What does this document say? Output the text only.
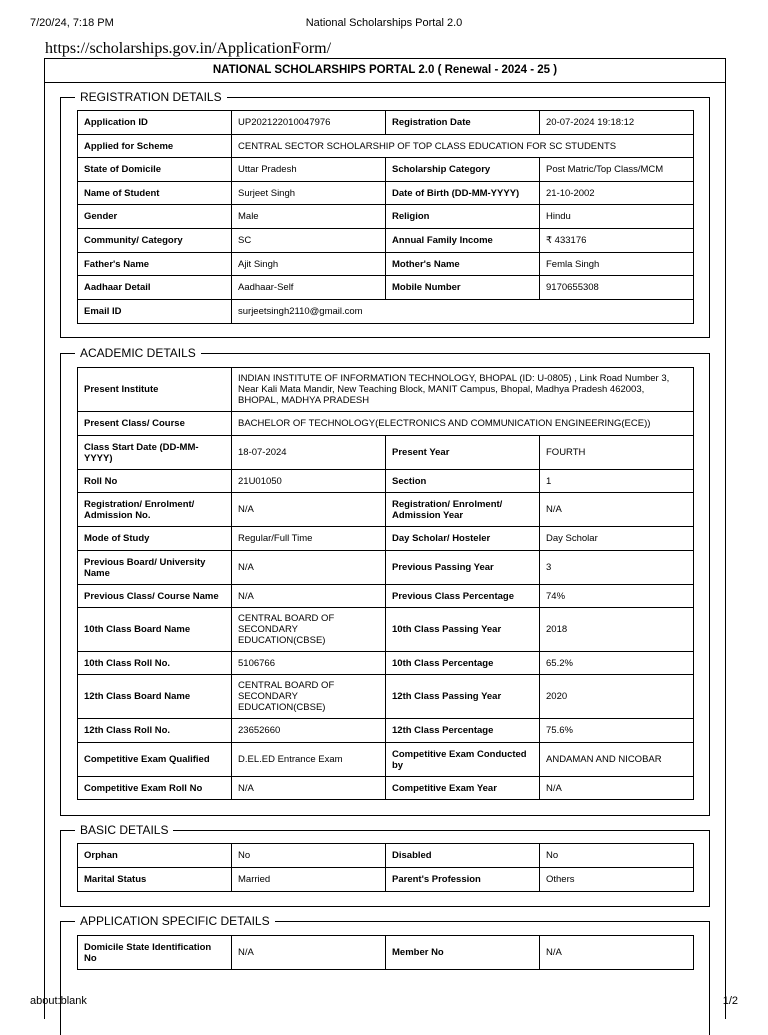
7/20/24, 7:18 PM	National Scholarships Portal 2.0
https://scholarships.gov.in/ApplicationForm/
NATIONAL SCHOLARSHIPS PORTAL 2.0 ( Renewal - 2024 - 25 )
REGISTRATION DETAILS
Application ID	UP202122010047976	Registration Date	20-07-2024 19:18:12
Applied for Scheme	CENTRAL SECTOR SCHOLARSHIP OF TOP CLASS EDUCATION FOR SC STUDENTS		
State of Domicile	Uttar Pradesh	Scholarship Category	Post Matric/Top Class/MCM
Name of Student	Surjeet Singh	Date of Birth (DD-MM-YYYY)	21-10-2002
Gender	Male	Religion	Hindu
Community/ Category	SC	Annual Family Income	₹ 433176
Father's Name	Ajit Singh	Mother's Name	Femla Singh
Aadhaar Detail	Aadhaar-Self	Mobile Number	9170655308
Email ID	surjeetsingh2110@gmail.com		
ACADEMIC DETAILS
Present Institute	INDIAN INSTITUTE OF INFORMATION TECHNOLOGY, BHOPAL (ID: U-0805) , Link Road Number 3, Near Kali Mata Mandir, New Teaching Block, MANIT Campus, Bhopal, Madhya Pradesh 462003, BHOPAL, MADHYA PRADESH		
Present Class/ Course	BACHELOR OF TECHNOLOGY(ELECTRONICS AND COMMUNICATION ENGINEERING(ECE))		
Class Start Date (DD-MM-YYYY)	18-07-2024	Present Year	FOURTH
Roll No	21U01050	Section	1
Registration/ Enrolment/ Admission No.	N/A	Registration/ Enrolment/ Admission Year	N/A
Mode of Study	Regular/Full Time	Day Scholar/ Hosteler	Day Scholar
Previous Board/ University Name	N/A	Previous Passing Year	3
Previous Class/ Course Name	N/A	Previous Class Percentage	74%
10th Class Board Name	CENTRAL BOARD OF SECONDARY EDUCATION(CBSE)	10th Class Passing Year	2018
10th Class Roll No.	5106766	10th Class Percentage	65.2%
12th Class Board Name	CENTRAL BOARD OF SECONDARY EDUCATION(CBSE)	12th Class Passing Year	2020
12th Class Roll No.	23652660	12th Class Percentage	75.6%
Competitive Exam Qualified	D.EL.ED Entrance Exam	Competitive Exam Conducted by	ANDAMAN AND NICOBAR
Competitive Exam Roll No	N/A	Competitive Exam Year	N/A
BASIC DETAILS
Orphan	No	Disabled	No
Marital Status	Married	Parent's Profession	Others
APPLICATION SPECIFIC DETAILS
Domicile State Identification No	N/A	Member No	N/A
about:blank	1/2
